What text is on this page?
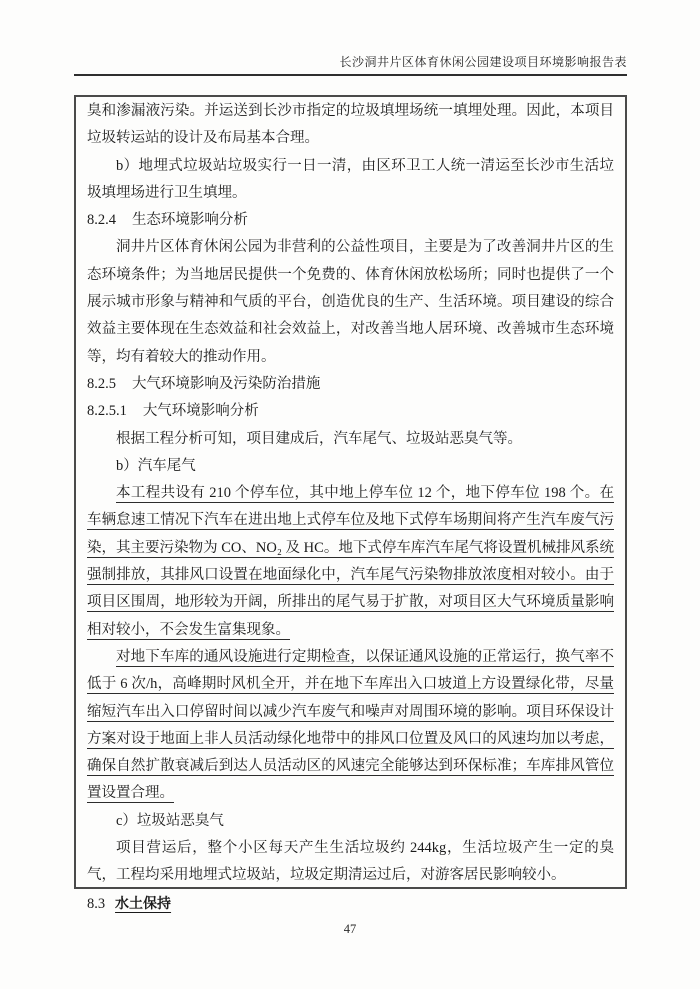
长沙洞井片区体育休闲公园建设项目环境影响报告表

臭和渗漏液污染。并运送到长沙市指定的垃圾填埋场统一填埋处理。因此，本项目垃圾转运站的设计及布局基本合理。

b）地埋式垃圾站垃圾实行一日一清，由区环卫工人统一清运至长沙市生活垃圾填埋场进行卫生填埋。

8.2.4 生态环境影响分析

洞井片区体育休闲公园为非营利的公益性项目，主要是为了改善洞井片区的生态环境条件；为当地居民提供一个免费的、体育休闲放松场所；同时也提供了一个展示城市形象与精神和气质的平台，创造优良的生产、生活环境。项目建设的综合效益主要体现在生态效益和社会效益上，对改善当地人居环境、改善城市生态环境等，均有着较大的推动作用。

8.2.5 大气环境影响及污染防治措施

8.2.5.1 大气环境影响分析

根据工程分析可知，项目建成后，汽车尾气、垃圾站恶臭气等。

b）汽车尾气

本工程共设有 210 个停车位，其中地上停车位 12 个，地下停车位 198 个。在车辆怠速工情况下汽车在进出地上式停车位及地下式停车场期间将产生汽车废气污染，其主要污染物为 CO、NO₂ 及 HC。地下式停车库汽车尾气将设置机械排风系统强制排放，其排风口设置在地面绿化中，汽车尾气污染物排放浓度相对较小。由于项目区围周，地形较为开阔，所排出的尾气易于扩散，对项目区大气环境质量影响相对较小，不会发生富集现象。

对地下车库的通风设施进行定期检查，以保证通风设施的正常运行，换气率不低于 6 次/h，高峰期时风机全开，并在地下车库出入口坡道上方设置绿化带，尽量缩短汽车出入口停留时间以减少汽车废气和噪声对周围环境的影响。项目环保设计方案对设于地面上非人员活动绿化地带中的排风口位置及风口的风速均加以考虑，确保自然扩散衰减后到达人员活动区的风速完全能够达到环保标准；车库排风管位置设置合理。

c）垃圾站恶臭气

项目营运后，整个小区每天产生生活垃圾约 244kg，生活垃圾产生一定的臭气，工程均采用地埋式垃圾站，垃圾定期清运过后，对游客居民影响较小。

8.3 水土保持

47
